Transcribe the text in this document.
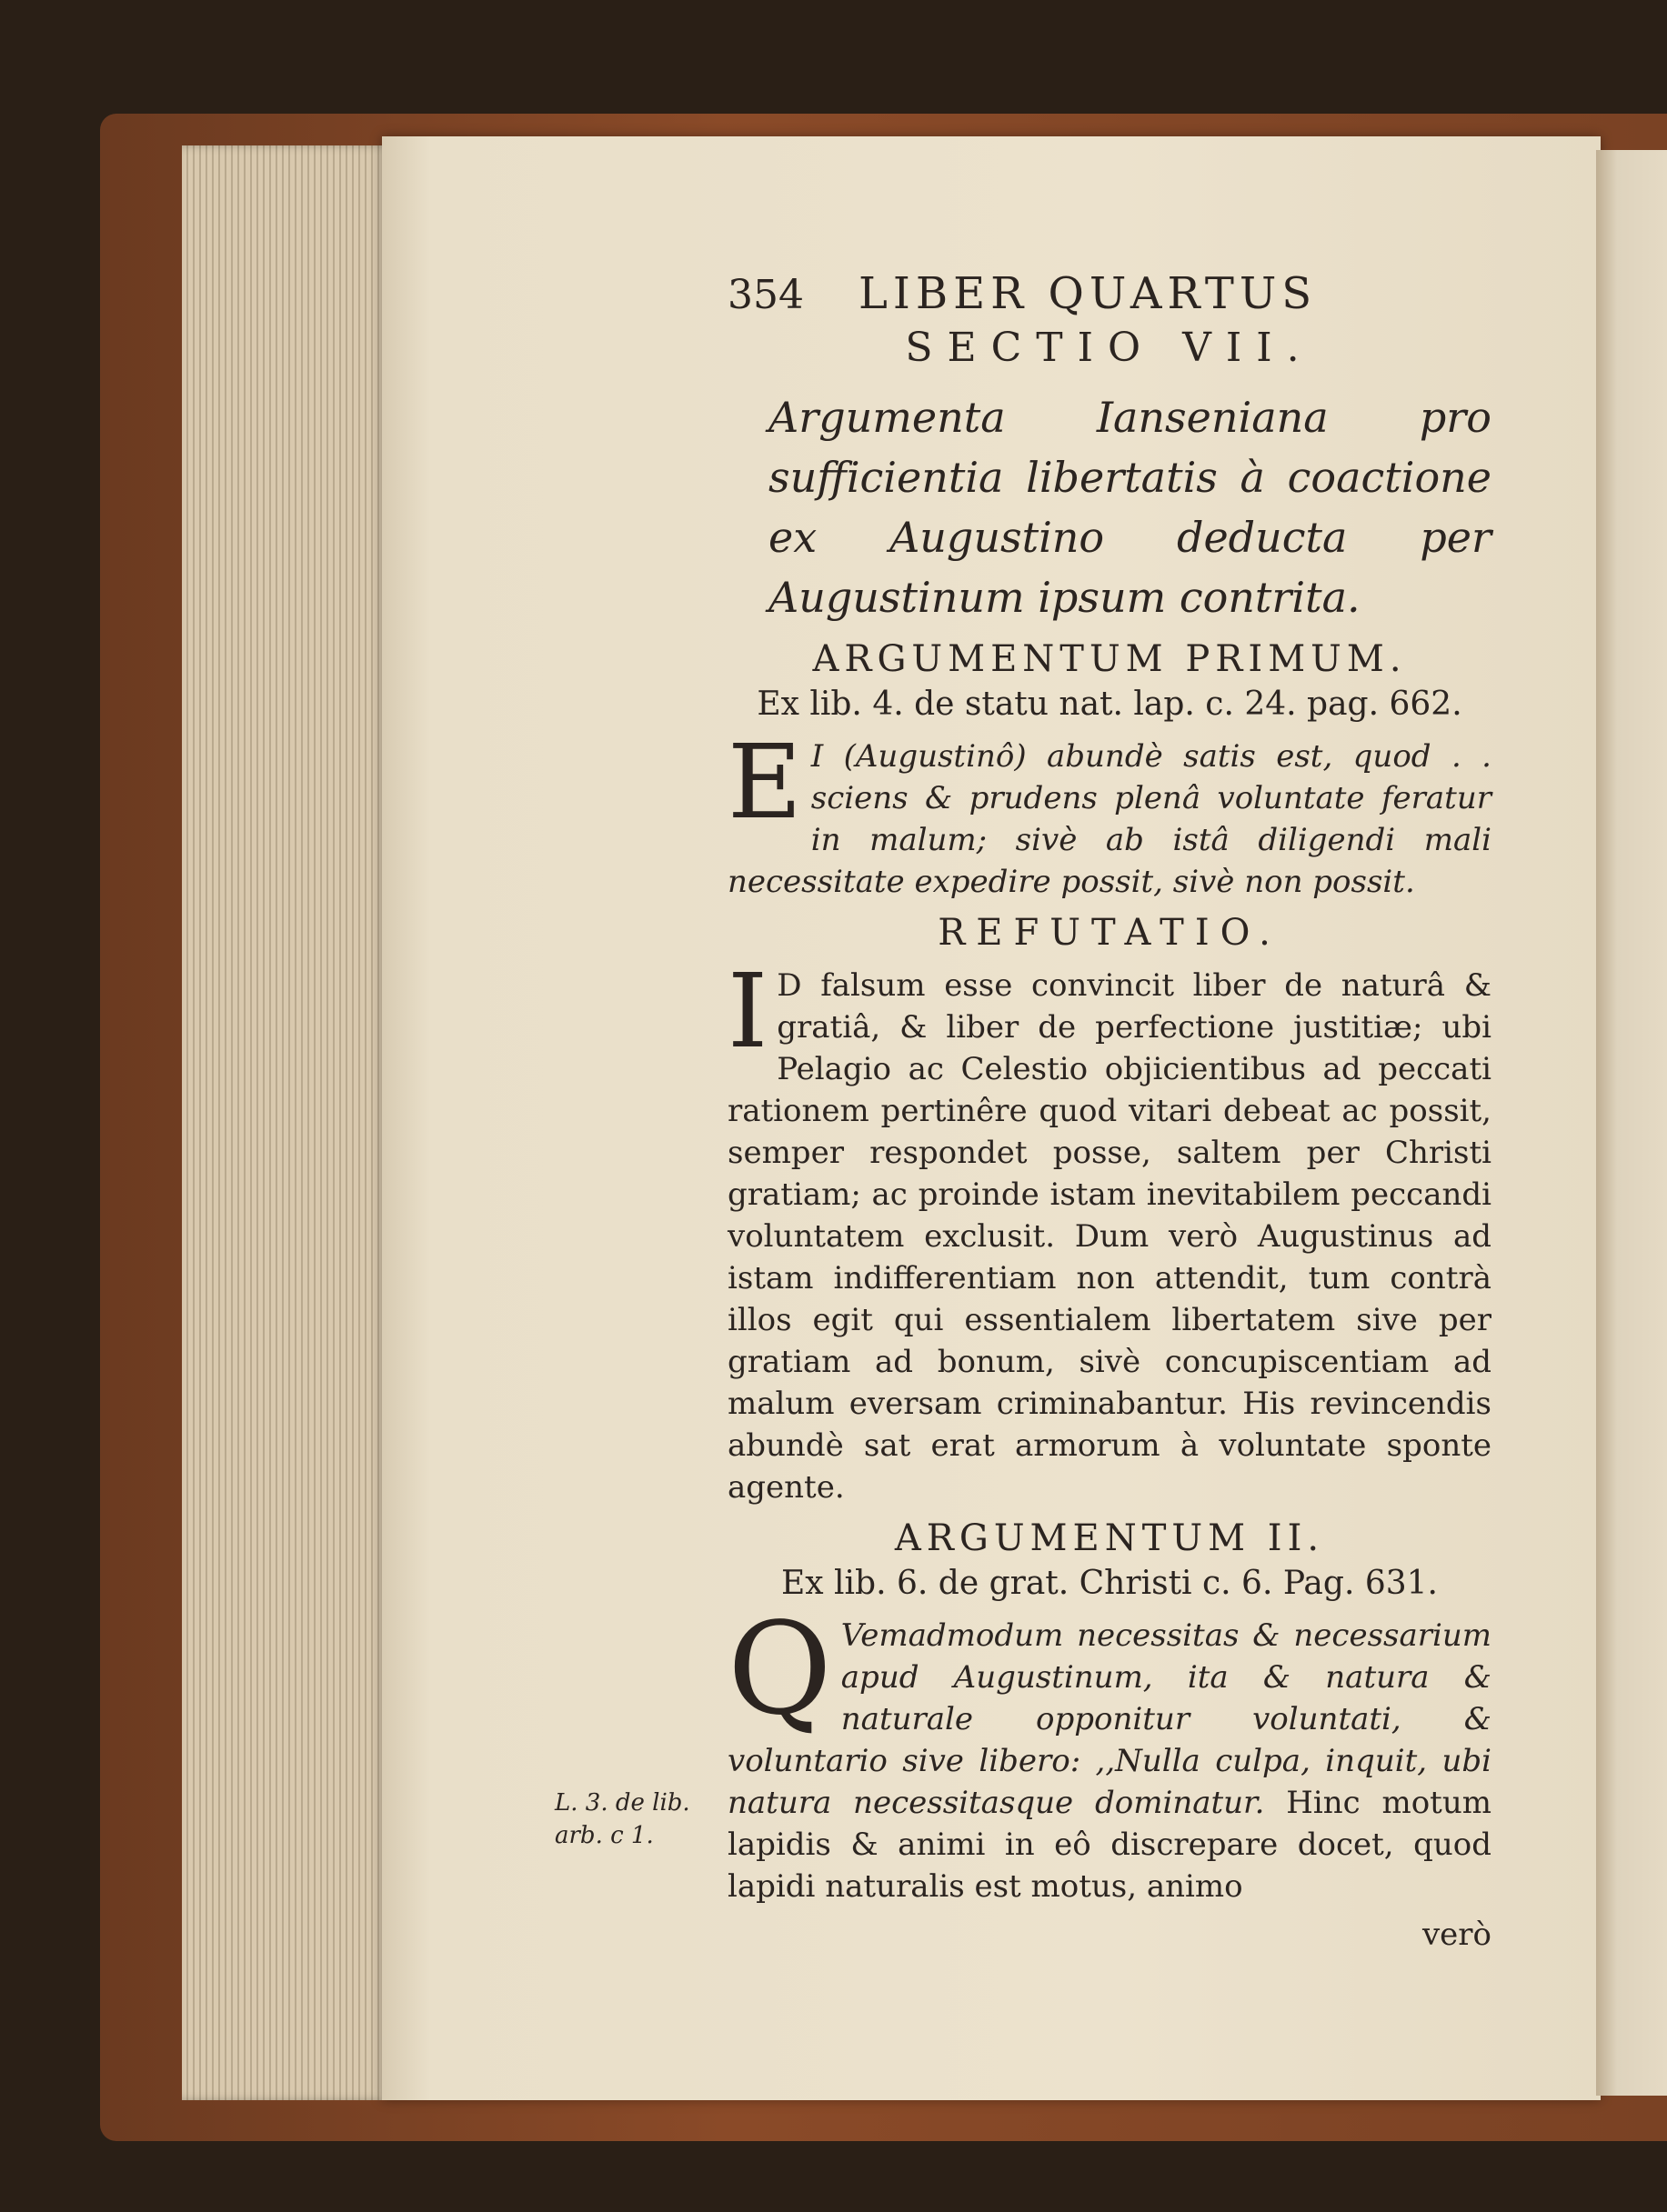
L. 3. de lib. arb. c 1.
354 LIBER QUARTUS

SECTIO VII.

Argumenta Ianseniana pro sufficientia libertatis à coactione ex Augustino deducta per Augustinum ipsum contrita.

ARGUMENTUM PRIMUM.

Ex lib. 4. de statu nat. lap. c. 24. pag. 662.

E I (Augustinô) abundè satis est, quod . . sciens & prudens plenâ voluntate feratur in malum; sivè ab istâ diligendi mali necessitate expedire possit, sivè non possit.

REFUTATIO.

I D falsum esse convincit liber de naturâ & gratiâ, & liber de perfectione justitiæ; ubi Pelagio ac Celestio objicientibus ad peccati rationem pertinêre quod vitari debeat ac possit, semper respondet posse, saltem per Christi gratiam; ac proinde istam inevitabilem peccandi voluntatem exclusit. Dum verò Augustinus ad istam indifferentiam non attendit, tum contrà illos egit qui essentialem libertatem sive per gratiam ad bonum, sivè concupiscentiam ad malum eversam criminabantur. His revincendis abundè sat erat armorum à voluntate sponte agente.

ARGUMENTUM II.

Ex lib. 6. de grat. Christi c. 6. Pag. 631.

Q Vemadmodum necessitas & necessarium apud Augustinum, ita & natura & naturale opponitur voluntati, & voluntario sive libero: ,,Nulla culpa, inquit, ubi natura necessitasque dominatur. Hinc motum lapidis & animi in eô discrepare docet, quod lapidi naturalis est motus, animo

verò
